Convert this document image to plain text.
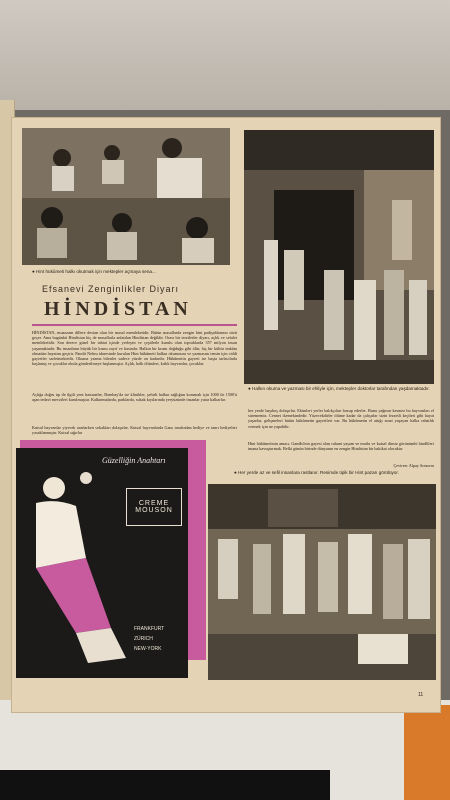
● Hint hükûmeti halkı okutmak için mektepler açmaya sena...
● Halkın okuma ve yazması bir ehliyle için, mektepler doktorlar tarafından yaşdamaktadır.
Efsanevi Zenginlikler Diyarı
HİNDİSTAN
HİNDİSTAN, muazzam dillere destan olan bir masal memleketidir. Bütün masallarda zengin hint padişahlarının sözü geçer. Ama bugünkü Hindistan hiç de masallarla anlatılan Hindistan değildir. Orası bir terzilerler diyarı, açlık ve sefalet memleketidir. Son derece güzel bir tabiat içinde yerleşen ve çeşitlerle kurulu olan topraklarda 357 milyon insan yaşamaktadır. Bu insanların büyük bir kısmı zayıf ve hastadır. Halkın bir kısmı doğduğu gibi ölür, hiç bir kültür imkânı olmadan hayatını geçirir. Pandit Nehru idaresinde kurulan Hint hükûmeti halkın okumasını ve yazmasını temin için ciddi gayretler sarfetmektedir. Okuma yazma bilenler sadece yüzde on kadardır. Hükûmetin gayreti ise başta tarlacılarla başlamış ve çocuklar okula gönderilmeye başlanmıştır. Açlık, halk ölümleri, kıtlık hayvanlar, çocuklar.
Açlığa doğru tıp ile ilgili yeni hastaneler, Bombay'da ise klinikler, şehirli halkın sağlığını korumak için 1000 ile 1500'ü aşan tedavi mevzileri kurulmuştur. Kalkınmalarda, parklarda, sokak kıyılarında yeryüzünde insanlar yatar kalkarlar.
Kutsal hayvanlar yiyecek ararlarken sokakları dolaşırlar. Kutsal hayvanlarda Gaus tarafından hediye ve tanrı hediyeleri yasaklanmıştır. Kutsal sığırlar
her yerde başıboş dolaşırlar. Ekimleri yerler balıkçıları bozup ederler. Bunu yağmur kesmez bu hayvanları el sürememiz. Cennet ikemekindedir. Yüzecekdirler ölüme kadar da çalışırlar sizin lezzetli keçileri gibi hayat yaşarlar, gelişmeleri bütün hükûmetin gayretleri var. Bu hükûmetin el attığı arazi yaşayan halka rahatlık vermek için ne yapabilir.
Hint hükûmetinin amacı, Gandhi'nin gayesi olan ruhani yaşam ve mutlu ve kutsal dinsiz görünümlü hindlileri imana kavuşturmak. Belki günün birinde dünyanın en zengin Hindistan bir hakikat olacaktır.
Çeviren: Alpay Sonuvar
● Her yerde az ve sefil insanlara rastlanır. Resimde tipik bir Hint pazarı görülüyor.
Güzelliğin Anahtarı
CREME
MOUSON
FRANKFURT
ZÜRICH
NEW-YORK
11
